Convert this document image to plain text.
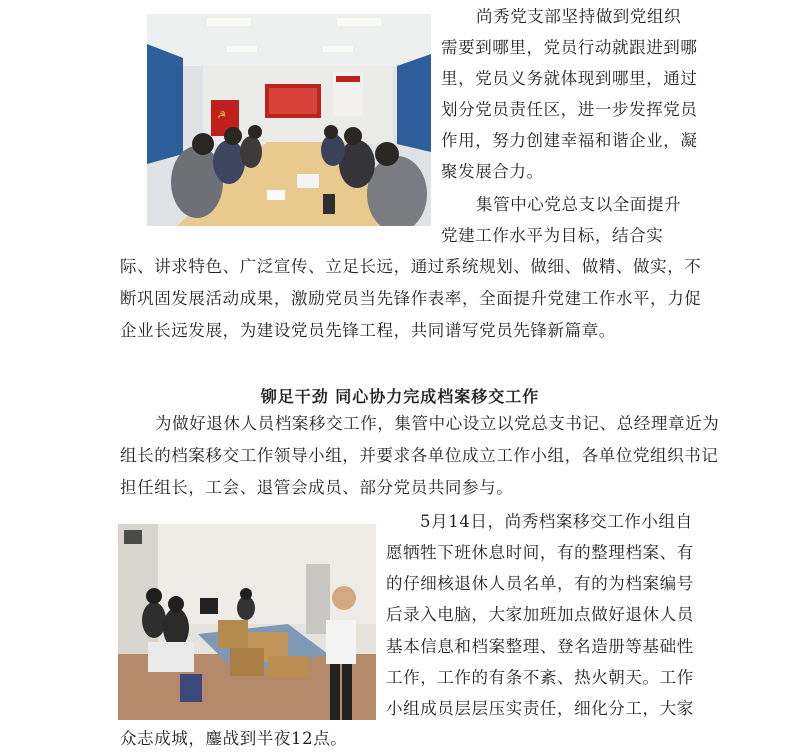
☭
尚秀党支部坚持做到党组织
需要到哪里，党员行动就跟进到哪
里，党员义务就体现到哪里，通过
划分党员责任区，进一步发挥党员
作用，努力创建幸福和谐企业，凝
聚发展合力。
集管中心党总支以全面提升
党建工作水平为目标，结合实
际、讲求特色、广泛宣传、立足长远，通过系统规划、做细、做精、做实，不
断巩固发展活动成果，激励党员当先锋作表率，全面提升党建工作水平，力促
企业长远发展，为建设党员先锋工程，共同谱写党员先锋新篇章。
铆足干劲 同心协力完成档案移交工作
为做好退休人员档案移交工作，集管中心设立以党总支书记、总经理章近为
组长的档案移交工作领导小组，并要求各单位成立工作小组，各单位党组织书记
担任组长，工会、退管会成员、部分党员共同参与。
5月14日，尚秀档案移交工作小组自
愿牺牲下班休息时间，有的整理档案、有
的仔细核退休人员名单，有的为档案编号
后录入电脑，大家加班加点做好退休人员
基本信息和档案整理、登名造册等基础性
工作，工作的有条不紊、热火朝天。工作
小组成员层层压实责任，细化分工，大家
众志成城，鏖战到半夜12点。
